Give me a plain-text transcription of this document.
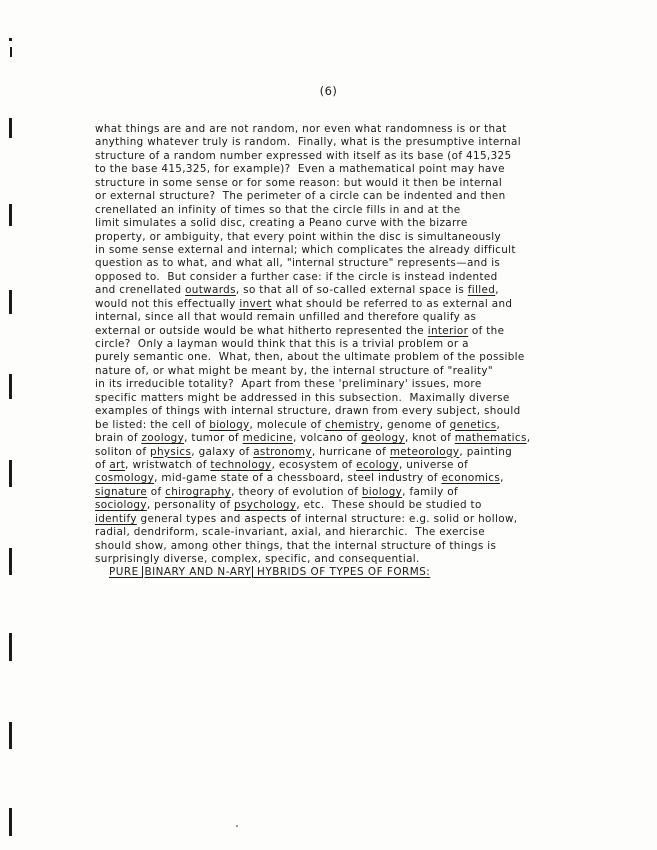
(6)
what things are and are not random, nor even what randomness is or that
anything whatever truly is random.  Finally, what is the presumptive internal
structure of a random number expressed with itself as its base (of 415,325
to the base 415,325, for example)?  Even a mathematical point may have
structure in some sense or for some reason: but would it then be internal
or external structure?  The perimeter of a circle can be indented and then
crenellated an infinity of times so that the circle fills in and at the
limit simulates a solid disc, creating a Peano curve with the bizarre
property, or ambiguity, that every point within the disc is simultaneously
in some sense external and internal; which complicates the already difficult
question as to what, and what all, "internal structure" represents—and is
opposed to.  But consider a further case: if the circle is instead indented
and crenellated outwards, so that all of so-called external space is filled,
would not this effectually invert what should be referred to as external and
internal, since all that would remain unfilled and therefore qualify as
external or outside would be what hitherto represented the interior of the
circle?  Only a layman would think that this is a trivial problem or a
purely semantic one.  What, then, about the ultimate problem of the possible
nature of, or what might be meant by, the internal structure of "reality"
in its irreducible totality?  Apart from these 'preliminary' issues, more
specific matters might be addressed in this subsection.  Maximally diverse
examples of things with internal structure, drawn from every subject, should
be listed: the cell of biology, molecule of chemistry, genome of genetics,
brain of zoology, tumor of medicine, volcano of geology, knot of mathematics,
soliton of physics, galaxy of astronomy, hurricane of meteorology, painting
of art, wristwatch of technology, ecosystem of ecology, universe of
cosmology, mid-game state of a chessboard, steel industry of economics,
signature of chirography, theory of evolution of biology, family of
sociology, personality of psychology, etc.  These should be studied to
identify general types and aspects of internal structure: e.g. solid or hollow,
radial, dendriform, scale-invariant, axial, and hierarchic.  The exercise
should show, among other things, that the internal structure of things is
surprisingly diverse, complex, specific, and consequential.
PURE BINARY AND N-ARY HYBRIDS OF TYPES OF FORMS:
